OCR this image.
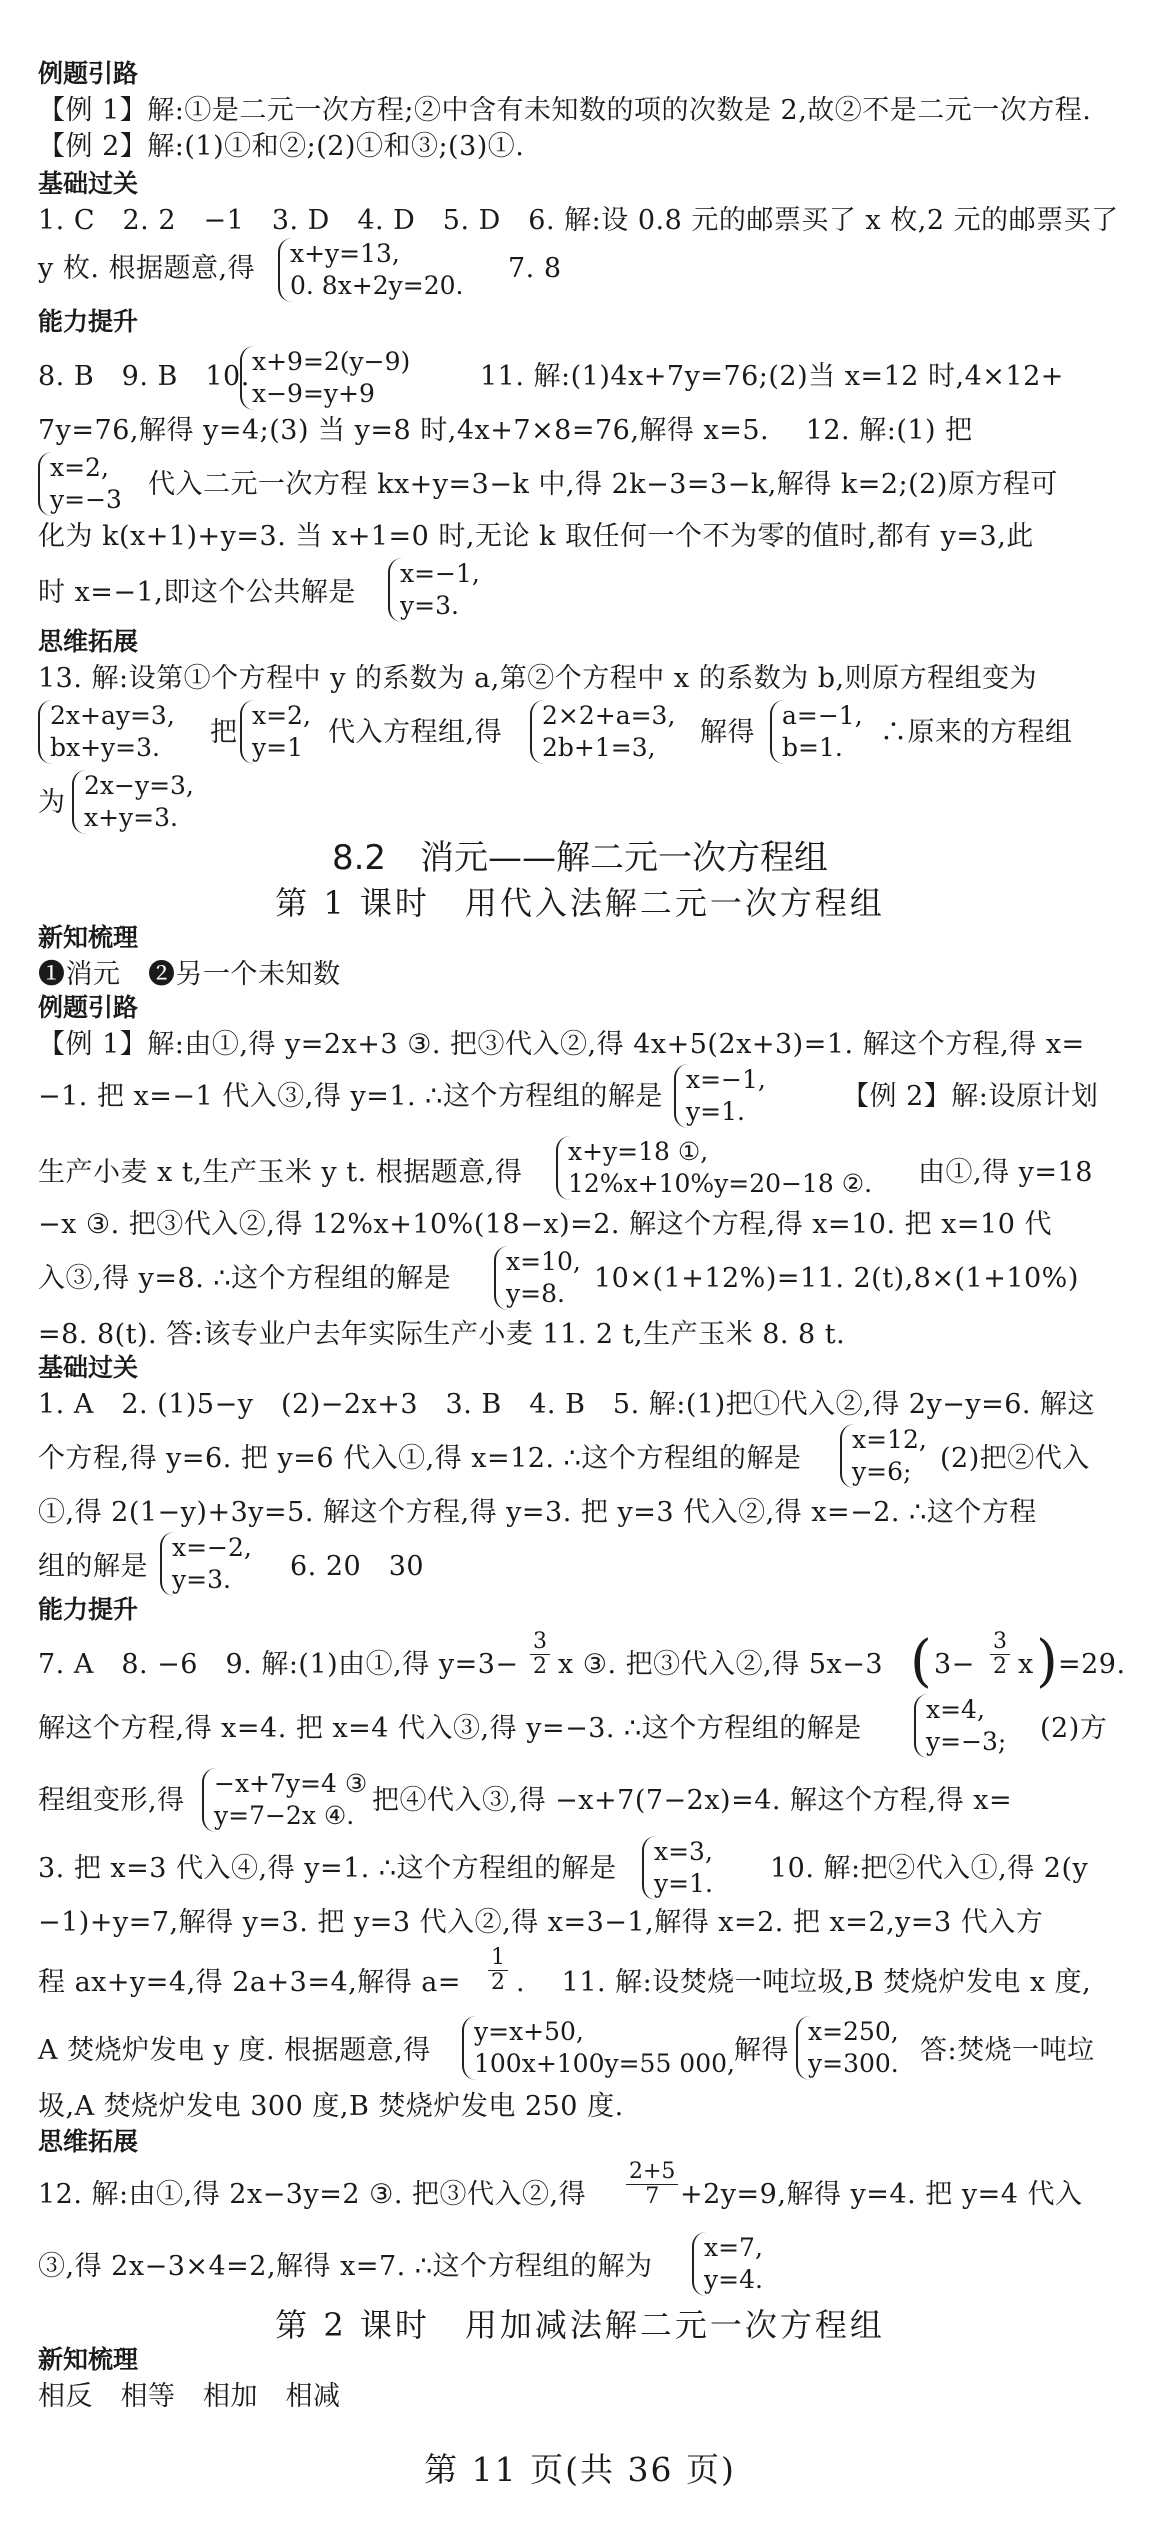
例题引路
【例 1】解:①是二元一次方程;②中含有未知数的项的次数是 2,故②不是二元一次方程.
【例 2】解:(1)①和②;(2)①和③;(3)①.
基础过关
1. C　2. 2　−1　3. D　4. D　5. D　6. 解:设 0.8 元的邮票买了 x 枚,2 元的邮票买了
y 枚. 根据题意,得	x+y=13,
0. 8x+2y=20.
7. 8
能力提升
8. B　9. B　10. x+9=2(y−9)
x−9=y+9
11. 解:(1)4x+7y=76;(2)当 x=12 时,4×12+
7y=76,解得 y=4;(3) 当 y=8 时,4x+7×8=76,解得 x=5.　 12. 解:(1) 把
x=2,
y=−3 代入二元一次方程 kx+y=3−k 中,得 2k−3=3−k,解得 k=2;(2)原方程可
化为 k(x+1)+y=3. 当 x+1=0 时,无论 k 取任何一个不为零的值时,都有 y=3,此
时 x=−1,即这个公共解是
x=−1,
y=3.
思维拓展
13. 解:设第①个方程中 y 的系数为 a,第②个方程中 x 的系数为 b,则原方程组变为
2x+ay=3,
bx+y=3.	把
x=2,
y=1 代入方程组,得
2×2+a=3,
2b+1=3,	解得
a=−1,
b=1.	∴原来的方程组
为
2x−y=3,
x+y=3.
8.2　消元——解二元一次方程组
第 1 课时　用代入法解二元一次方程组
新知梳理
❶消元　❷另一个未知数
例题引路
【例 1】解:由①,得 y=2x+3 ③. 把③代入②,得 4x+5(2x+3)=1. 解这个方程,得 x=
−1. 把 x=−1 代入③,得 y=1. ∴这个方程组的解是
x=−1,
y=1.	【例 2】解:设原计划
生产小麦 x t,生产玉米 y t. 根据题意,得
x+y=18 ①,
12%x+10%y=20−18 ②. 由①,得 y=18
−x ③. 把③代入②,得 12%x+10%(18−x)=2. 解这个方程,得 x=10. 把 x=10 代
入③,得 y=8. ∴这个方程组的解是
x=10,
y=8.	10×(1+12%)=11. 2(t),8×(1+10%)
=8. 8(t). 答:该专业户去年实际生产小麦 11. 2 t,生产玉米 8. 8 t.
基础过关
1. A　2. (1)5−y　(2)−2x+3　3. B　4. B　5. 解:(1)把①代入②,得 2y−y=6. 解这
个方程,得 y=6. 把 y=6 代入①,得 x=12. ∴这个方程组的解是
x=12,
y=6;	(2)把②代入
①,得 2(1−y)+3y=5. 解这个方程,得 y=3. 把 y=3 代入②,得 x=−2. ∴这个方程
组的解是
x=−2,
y=3.	6. 20　30
能力提升
7. A　8. −6　9. 解:(1)由①,得 $y=3- \frac{3}{2}$ x ③. 把③代入②,得 5x−3 ( $3- \frac{3}{2}$ x ) =29.
解这个方程,得 x=4. 把 x=4 代入③,得 y=−3. ∴这个方程组的解是
x=4,
y=−3; (2)方
程组变形,得
−x+7y=4 ③
y=7−2x ④. 把④代入③,得 −x+7(7−2x)=4. 解这个方程,得 x=
3. 把 x=3 代入④,得 y=1. ∴这个方程组的解是
x=3,
y=1. 10. 解:把②代入①,得 2(y
−1)+y=7,解得 y=3. 把 y=3 代入②,得 x=3−1,解得 x=2. 把 x=2,y=3 代入方
程 ax+y=4,得 2a+3=4,解得 a=	$\frac{1}{2}$ .　 11. 解:设焚烧一吨垃圾,B 焚烧炉发电 x 度,
A 焚烧炉发电 y 度. 根据题意,得
y=x+50,
100x+100y=55 000, 解得
x=250,
y=300. 答:焚烧一吨垃
圾,A 焚烧炉发电 300 度,B 焚烧炉发电 250 度.
思维拓展
12. 解:由①,得 2x−3y=2 ③. 把③代入②,得	$\frac{2+5}{7} +2y=9$,解得 y=4. 把 y=4 代入
③,得 2x−3×4=2,解得 x=7. ∴这个方程组的解为
x=7,
y=4.
第 2 课时　用加减法解二元一次方程组
新知梳理
相反　相等　相加　相减
第 11 页(共 36 页)
